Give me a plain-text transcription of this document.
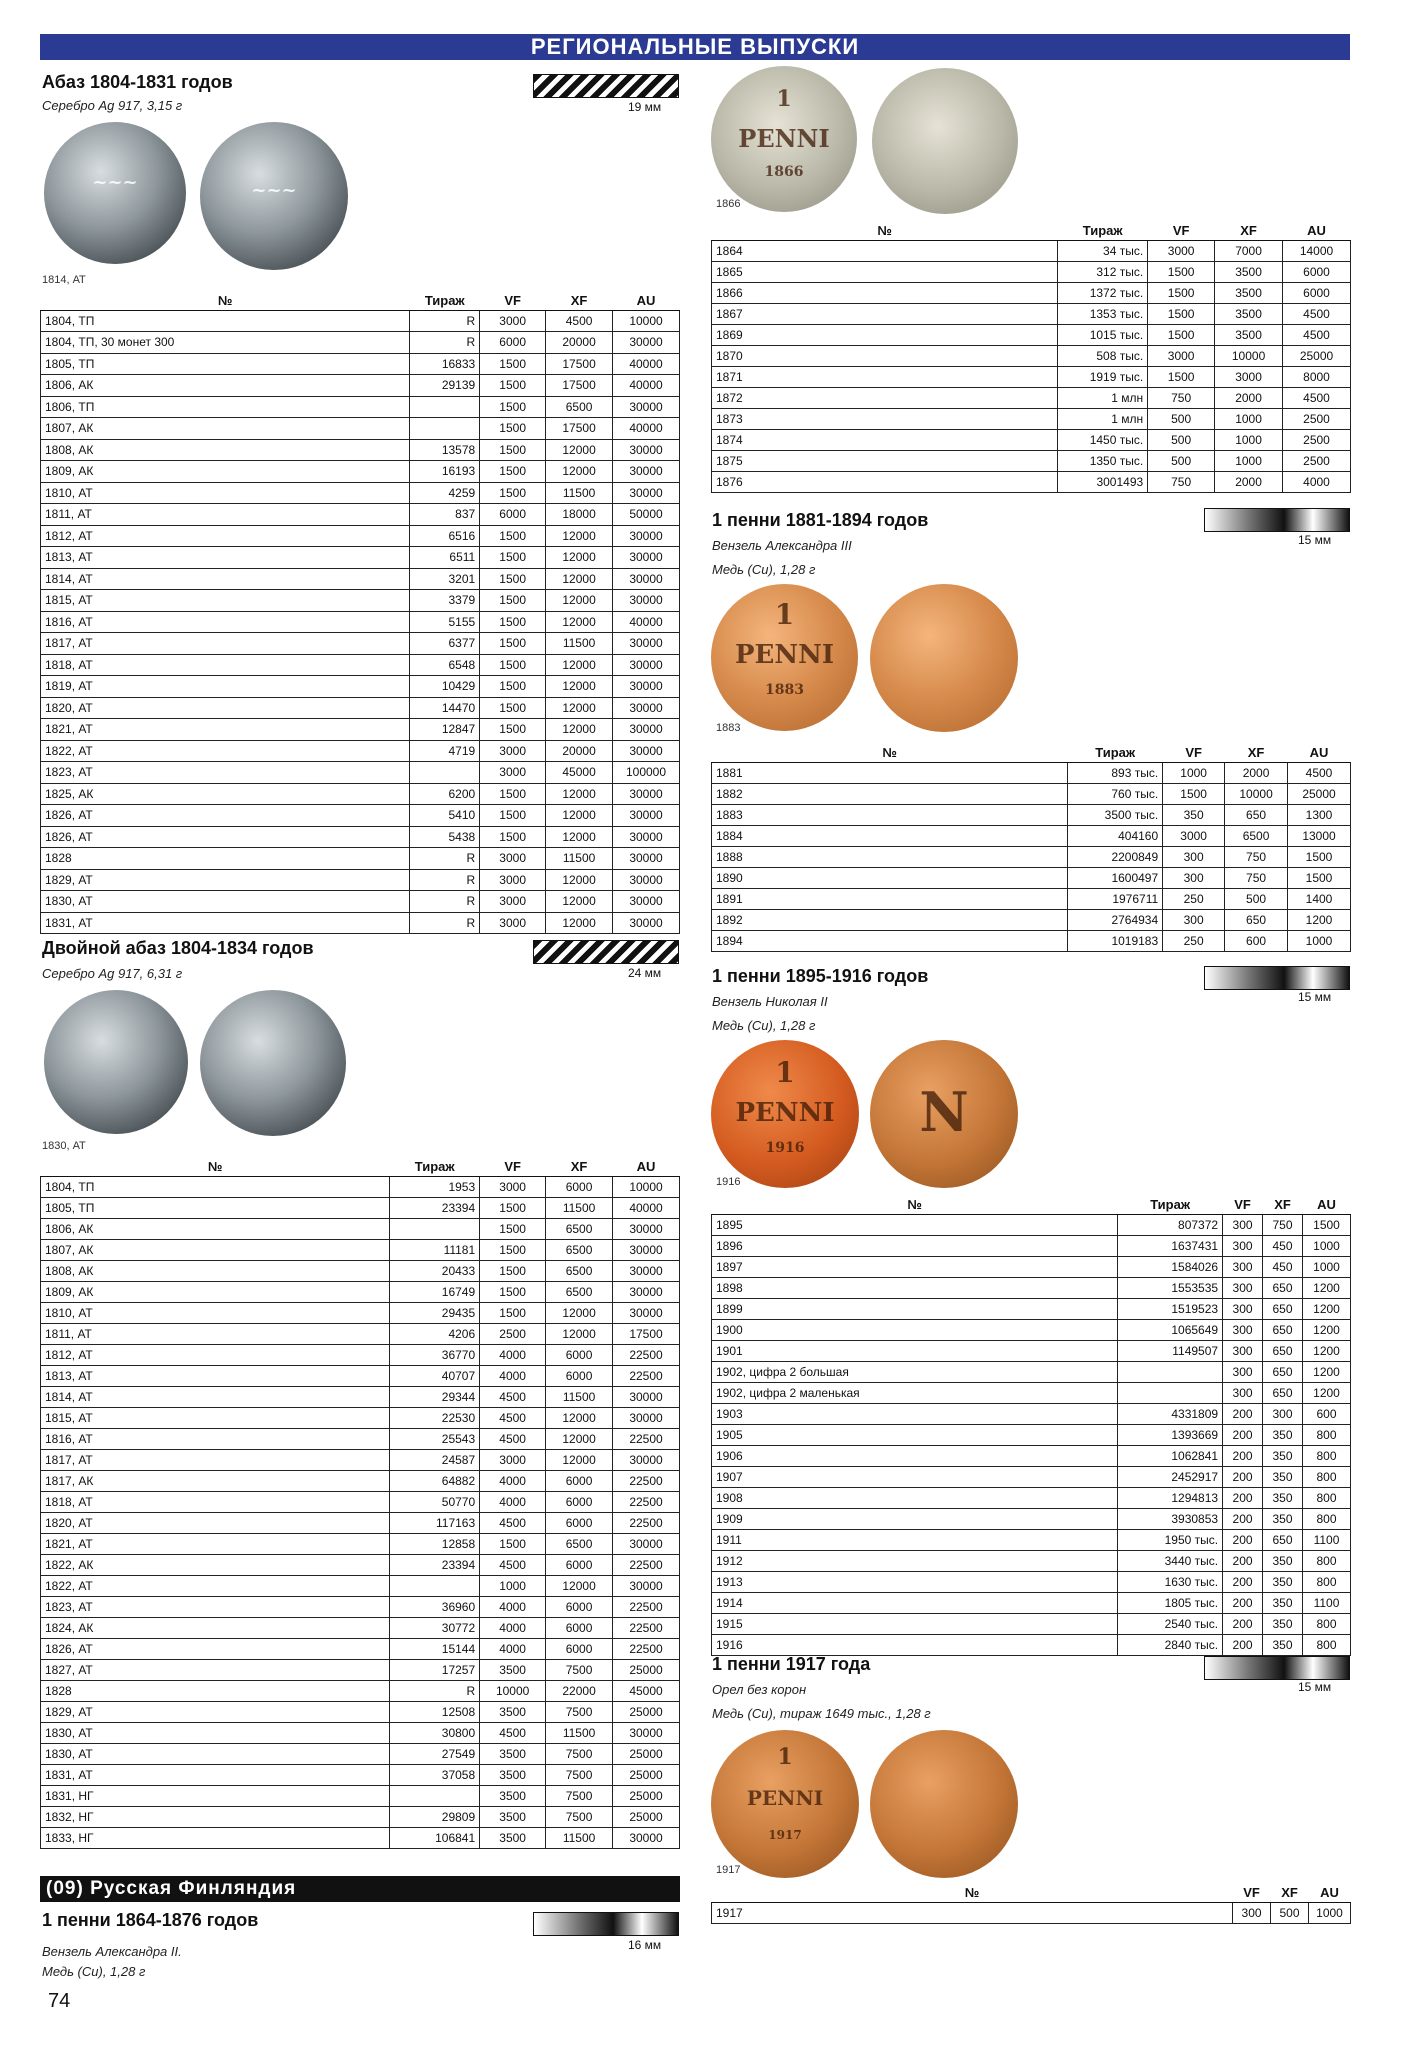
РЕГИОНАЛЬНЫЕ ВЫПУСКИ
Абаз 1804-1831 годов
Серебро Ag 917, 3,15 г	19 мм
~~~	~~~
1814, АТ
№	Тираж	VF	XF	AU
1804, ТП	R	3000	4500	10000
1804, ТП, 30 монет 300	R	6000	20000	30000
1805, ТП	16833	1500	17500	40000
1806, АК	29139	1500	17500	40000
1806, ТП		1500	6500	30000
1807, АК		1500	17500	40000
1808, АК	13578	1500	12000	30000
1809, АК	16193	1500	12000	30000
1810, АТ	4259	1500	11500	30000
1811, АТ	837	6000	18000	50000
1812, АТ	6516	1500	12000	30000
1813, АТ	6511	1500	12000	30000
1814, АТ	3201	1500	12000	30000
1815, АТ	3379	1500	12000	30000
1816, АТ	5155	1500	12000	40000
1817, АТ	6377	1500	11500	30000
1818, АТ	6548	1500	12000	30000
1819, АТ	10429	1500	12000	30000
1820, АТ	14470	1500	12000	30000
1821, АТ	12847	1500	12000	30000
1822, АТ	4719	3000	20000	30000
1823, АТ		3000	45000	100000
1825, АК	6200	1500	12000	30000
1826, АТ	5410	1500	12000	30000
1826, АТ	5438	1500	12000	30000
1828	R	3000	11500	30000
1829, АТ	R	3000	12000	30000
1830, АТ	R	3000	12000	30000
1831, АТ	R	3000	12000	30000
Двойной абаз 1804-1834 годов
Серебро Ag 917, 6,31 г	24 мм
1830, АТ
№	Тираж	VF	XF	AU
1804, ТП	1953	3000	6000	10000
1805, ТП	23394	1500	11500	40000
1806, АК		1500	6500	30000
1807, АК	11181	1500	6500	30000
1808, АК	20433	1500	6500	30000
1809, АК	16749	1500	6500	30000
1810, АТ	29435	1500	12000	30000
1811, АТ	4206	2500	12000	17500
1812, АТ	36770	4000	6000	22500
1813, АТ	40707	4000	6000	22500
1814, АТ	29344	4500	11500	30000
1815, АТ	22530	4500	12000	30000
1816, АТ	25543	4500	12000	22500
1817, АТ	24587	3000	12000	30000
1817, АК	64882	4000	6000	22500
1818, АТ	50770	4000	6000	22500
1820, АТ	117163	4500	6000	22500
1821, АТ	12858	1500	6500	30000
1822, АК	23394	4500	6000	22500
1822, АТ		1000	12000	30000
1823, АТ	36960	4000	6000	22500
1824, АК	30772	4000	6000	22500
1826, АТ	15144	4000	6000	22500
1827, АТ	17257	3500	7500	25000
1828	R	10000	22000	45000
1829, АТ	12508	3500	7500	25000
1830, АТ	30800	4500	11500	30000
1830, АТ	27549	3500	7500	25000
1831, АТ	37058	3500	7500	25000
1831, НГ		3500	7500	25000
1832, НГ	29809	3500	7500	25000
1833, НГ	106841	3500	11500	30000
(09) Русская Финляндия
1 пенни 1864-1876 годов
Вензель Александра II.
Медь (Cu), 1,28 г
16 мм
74
1
PENNI
1866
1866
№	Тираж	VF	XF	AU
1864	34 тыс.	3000	7000	14000
1865	312 тыс.	1500	3500	6000
1866	1372 тыс.	1500	3500	6000
1867	1353 тыс.	1500	3500	4500
1869	1015 тыс.	1500	3500	4500
1870	508 тыс.	3000	10000	25000
1871	1919 тыс.	1500	3000	8000
1872	1 млн	750	2000	4500
1873	1 млн	500	1000	2500
1874	1450 тыс.	500	1000	2500
1875	1350 тыс.	500	1000	2500
1876	3001493	750	2000	4000
1 пенни 1881-1894 годов
Вензель Александра III
Медь (Cu), 1,28 г
15 мм
1
PENNI
1883
1883
№	Тираж	VF	XF	AU
1881	893 тыс.	1000	2000	4500
1882	760 тыс.	1500	10000	25000
1883	3500 тыс.	350	650	1300
1884	404160	3000	6500	13000
1888	2200849	300	750	1500
1890	1600497	300	750	1500
1891	1976711	250	500	1400
1892	2764934	300	650	1200
1894	1019183	250	600	1000
1 пенни 1895-1916 годов
Вензель Николая II
Медь (Cu), 1,28 г
15 мм
1
PENNI
1916
N
1916
№	Тираж	VF	XF	AU
1895	807372	300	750	1500
1896	1637431	300	450	1000
1897	1584026	300	450	1000
1898	1553535	300	650	1200
1899	1519523	300	650	1200
1900	1065649	300	650	1200
1901	1149507	300	650	1200
1902, цифра 2 большая		300	650	1200
1902, цифра 2 маленькая		300	650	1200
1903	4331809	200	300	600
1905	1393669	200	350	800
1906	1062841	200	350	800
1907	2452917	200	350	800
1908	1294813	200	350	800
1909	3930853	200	350	800
1911	1950 тыс.	200	650	1100
1912	3440 тыс.	200	350	800
1913	1630 тыс.	200	350	800
1914	1805 тыс.	200	350	1100
1915	2540 тыс.	200	350	800
1916	2840 тыс.	200	350	800
1 пенни 1917 года
Орел без корон
Медь (Cu), тираж 1649 тыс., 1,28 г
15 мм
1
PENNI
1917
1917
№	VF	XF	AU
1917	300	500	1000
